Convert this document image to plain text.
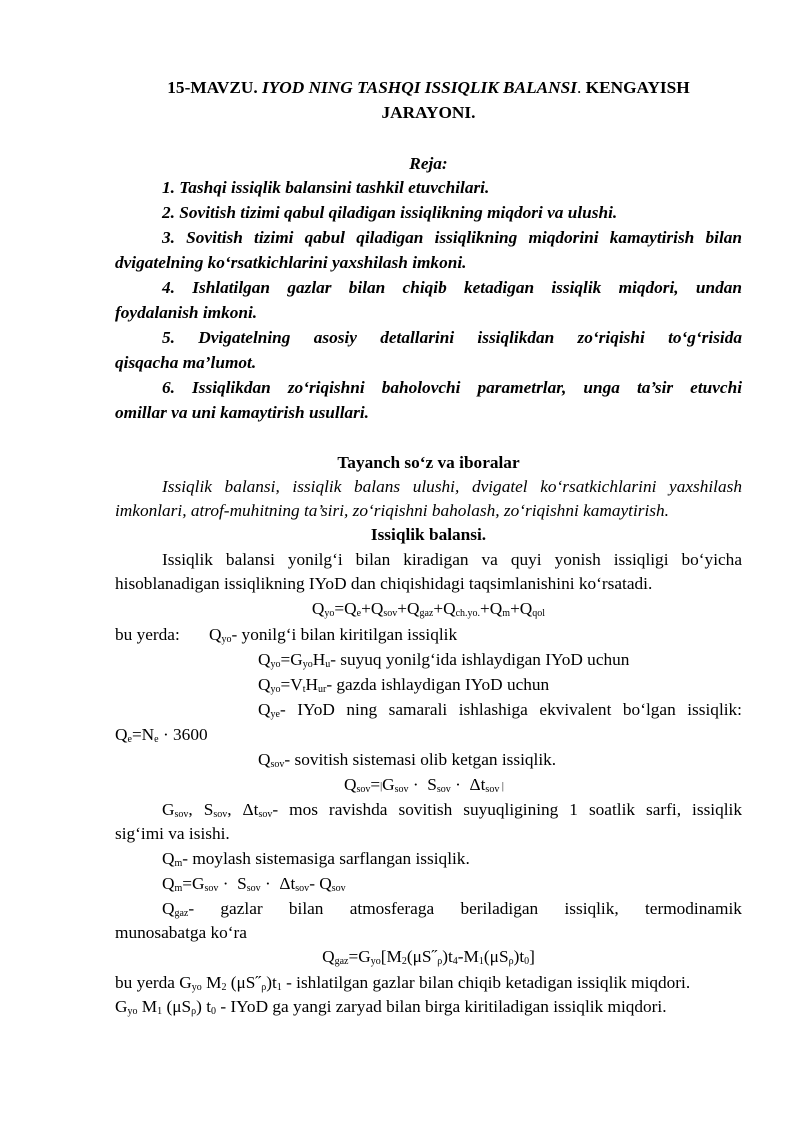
15-MAVZU. IYOD NING TASHQI ISSIQLIK BALANSI. KENGAYISH
JARAYONI.
Reja:
1. Tashqi issiqlik balansini tashkil etuvchilari.
2. Sovitish tizimi qabul qiladigan issiqlikning miqdori va ulushi.
3. Sovitish tizimi qabul qiladigan issiqlikning miqdorini kamaytirish bilan
dvigatelning ko‘rsatkichlarini yaxshilash imkoni.
4. Ishlatilgan gazlar bilan chiqib ketadigan issiqlik miqdori, undan
foydalanish imkoni.
5. Dvigatelning asosiy detallarini issiqlikdan zo‘riqishi to‘g‘risida
qisqacha ma’lumot.
6. Issiqlikdan zo‘riqishni baholovchi parametrlar, unga ta’sir etuvchi
omillar va uni kamaytirish usullari.
Tayanch so‘z va iboralar
Issiqlik balansi, issiqlik balans ulushi, dvigatel ko‘rsatkichlarini yaxshilash
imkonlari, atrof-muhitning ta’siri, zo‘riqishni baholash, zo‘riqishni kamaytirish.
Issiqlik balansi.
Issiqlik balansi yonilg‘i bilan kiradigan va quyi yonish issiqligi bo‘yicha
hisoblanadigan issiqlikning IYoD dan chiqishidagi taqsimlanishini ko‘rsatadi.
$Q_{yo}=Q_e+Q_{sov}+Q_{gaz}+Q_{ch.yo.}+Q_m+Q_{qol}$
bu yerda: $Q_{yo}-$ yonilg‘i bilan kiritilgan issiqlik
$Q_{yo}=G_{yo}H_u-$ suyuq yonilg‘ida ishlaydigan IYoD uchun
$Q_{yo}=V_tH_{ur}-$ gazda ishlaydigan IYoD uchun
$Q_{ye}-$ IYoD ning samarali ishlashiga ekvivalent bo‘lgan issiqlik:
$Q_e=N_e \cdot 3600$
$Q_{sov}-$ sovitish sistemasi olib ketgan issiqlik.
$Q_{sov}=|G_{sov} \cdot S_{sov} \cdot \Delta t_{sov}$ |
$G_{sov}$, $S_{sov}$, $\Delta t_{sov}-$ mos ravishda sovitish suyuqligining 1 soatlik sarfi, issiqlik
sig‘imi va isishi.
$Q_m-$ moylash sistemasiga sarflangan issiqlik.
$Q_m=G_{sov} \cdot S_{sov} \cdot \Delta t_{sov}-$ $Q_{sov}$
$Q_{gaz}-$ gazlar bilan atmosferaga beriladigan issiqlik, termodinamik
munosabatga ko‘ra
$Q_{gaz}=G_{yo}[M_2(\mu S˝_\rho)t_4-M_1(\mu S_\rho)t_0]$
bu yerda $G_{yo}$ $M_2$ $(\mu S˝_\rho)t_1$ - ishlatilgan gazlar bilan chiqib ketadigan issiqlik miqdori.
$G_{yo}$ $M_1$ $(\mu S_\rho)$ $t_0$ - IYoD ga yangi zaryad bilan birga kiritiladigan issiqlik miqdori.
